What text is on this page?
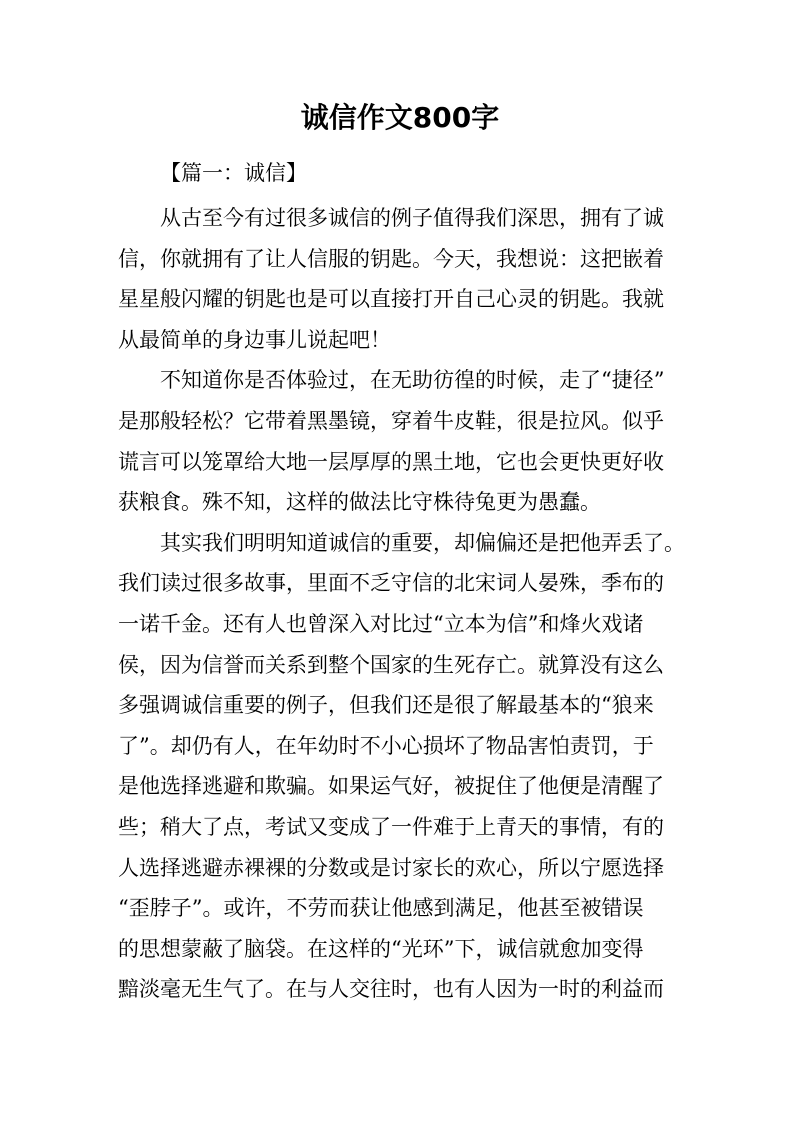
诚信作文800字
【篇一：诚信】
从古至今有过很多诚信的例子值得我们深思，拥有了诚
信，你就拥有了让人信服的钥匙。今天，我想说：这把嵌着
星星般闪耀的钥匙也是可以直接打开自己心灵的钥匙。我就
从最简单的身边事儿说起吧！
不知道你是否体验过，在无助彷徨的时候，走了“捷径”
是那般轻松？它带着黑墨镜，穿着牛皮鞋，很是拉风。似乎
谎言可以笼罩给大地一层厚厚的黑土地，它也会更快更好收
获粮食。殊不知，这样的做法比守株待兔更为愚蠢。
其实我们明明知道诚信的重要，却偏偏还是把他弄丢了。
我们读过很多故事，里面不乏守信的北宋词人晏殊，季布的
一诺千金。还有人也曾深入对比过“立本为信”和烽火戏诸
侯，因为信誉而关系到整个国家的生死存亡。就算没有这么
多强调诚信重要的例子，但我们还是很了解最基本的“狼来
了”。却仍有人，在年幼时不小心损坏了物品害怕责罚，于
是他选择逃避和欺骗。如果运气好，被捉住了他便是清醒了
些；稍大了点，考试又变成了一件难于上青天的事情，有的
人选择逃避赤裸裸的分数或是讨家长的欢心，所以宁愿选择
“歪脖子”。或许，不劳而获让他感到满足，他甚至被错误
的思想蒙蔽了脑袋。在这样的“光环”下，诚信就愈加变得
黯淡毫无生气了。在与人交往时，也有人因为一时的利益而
